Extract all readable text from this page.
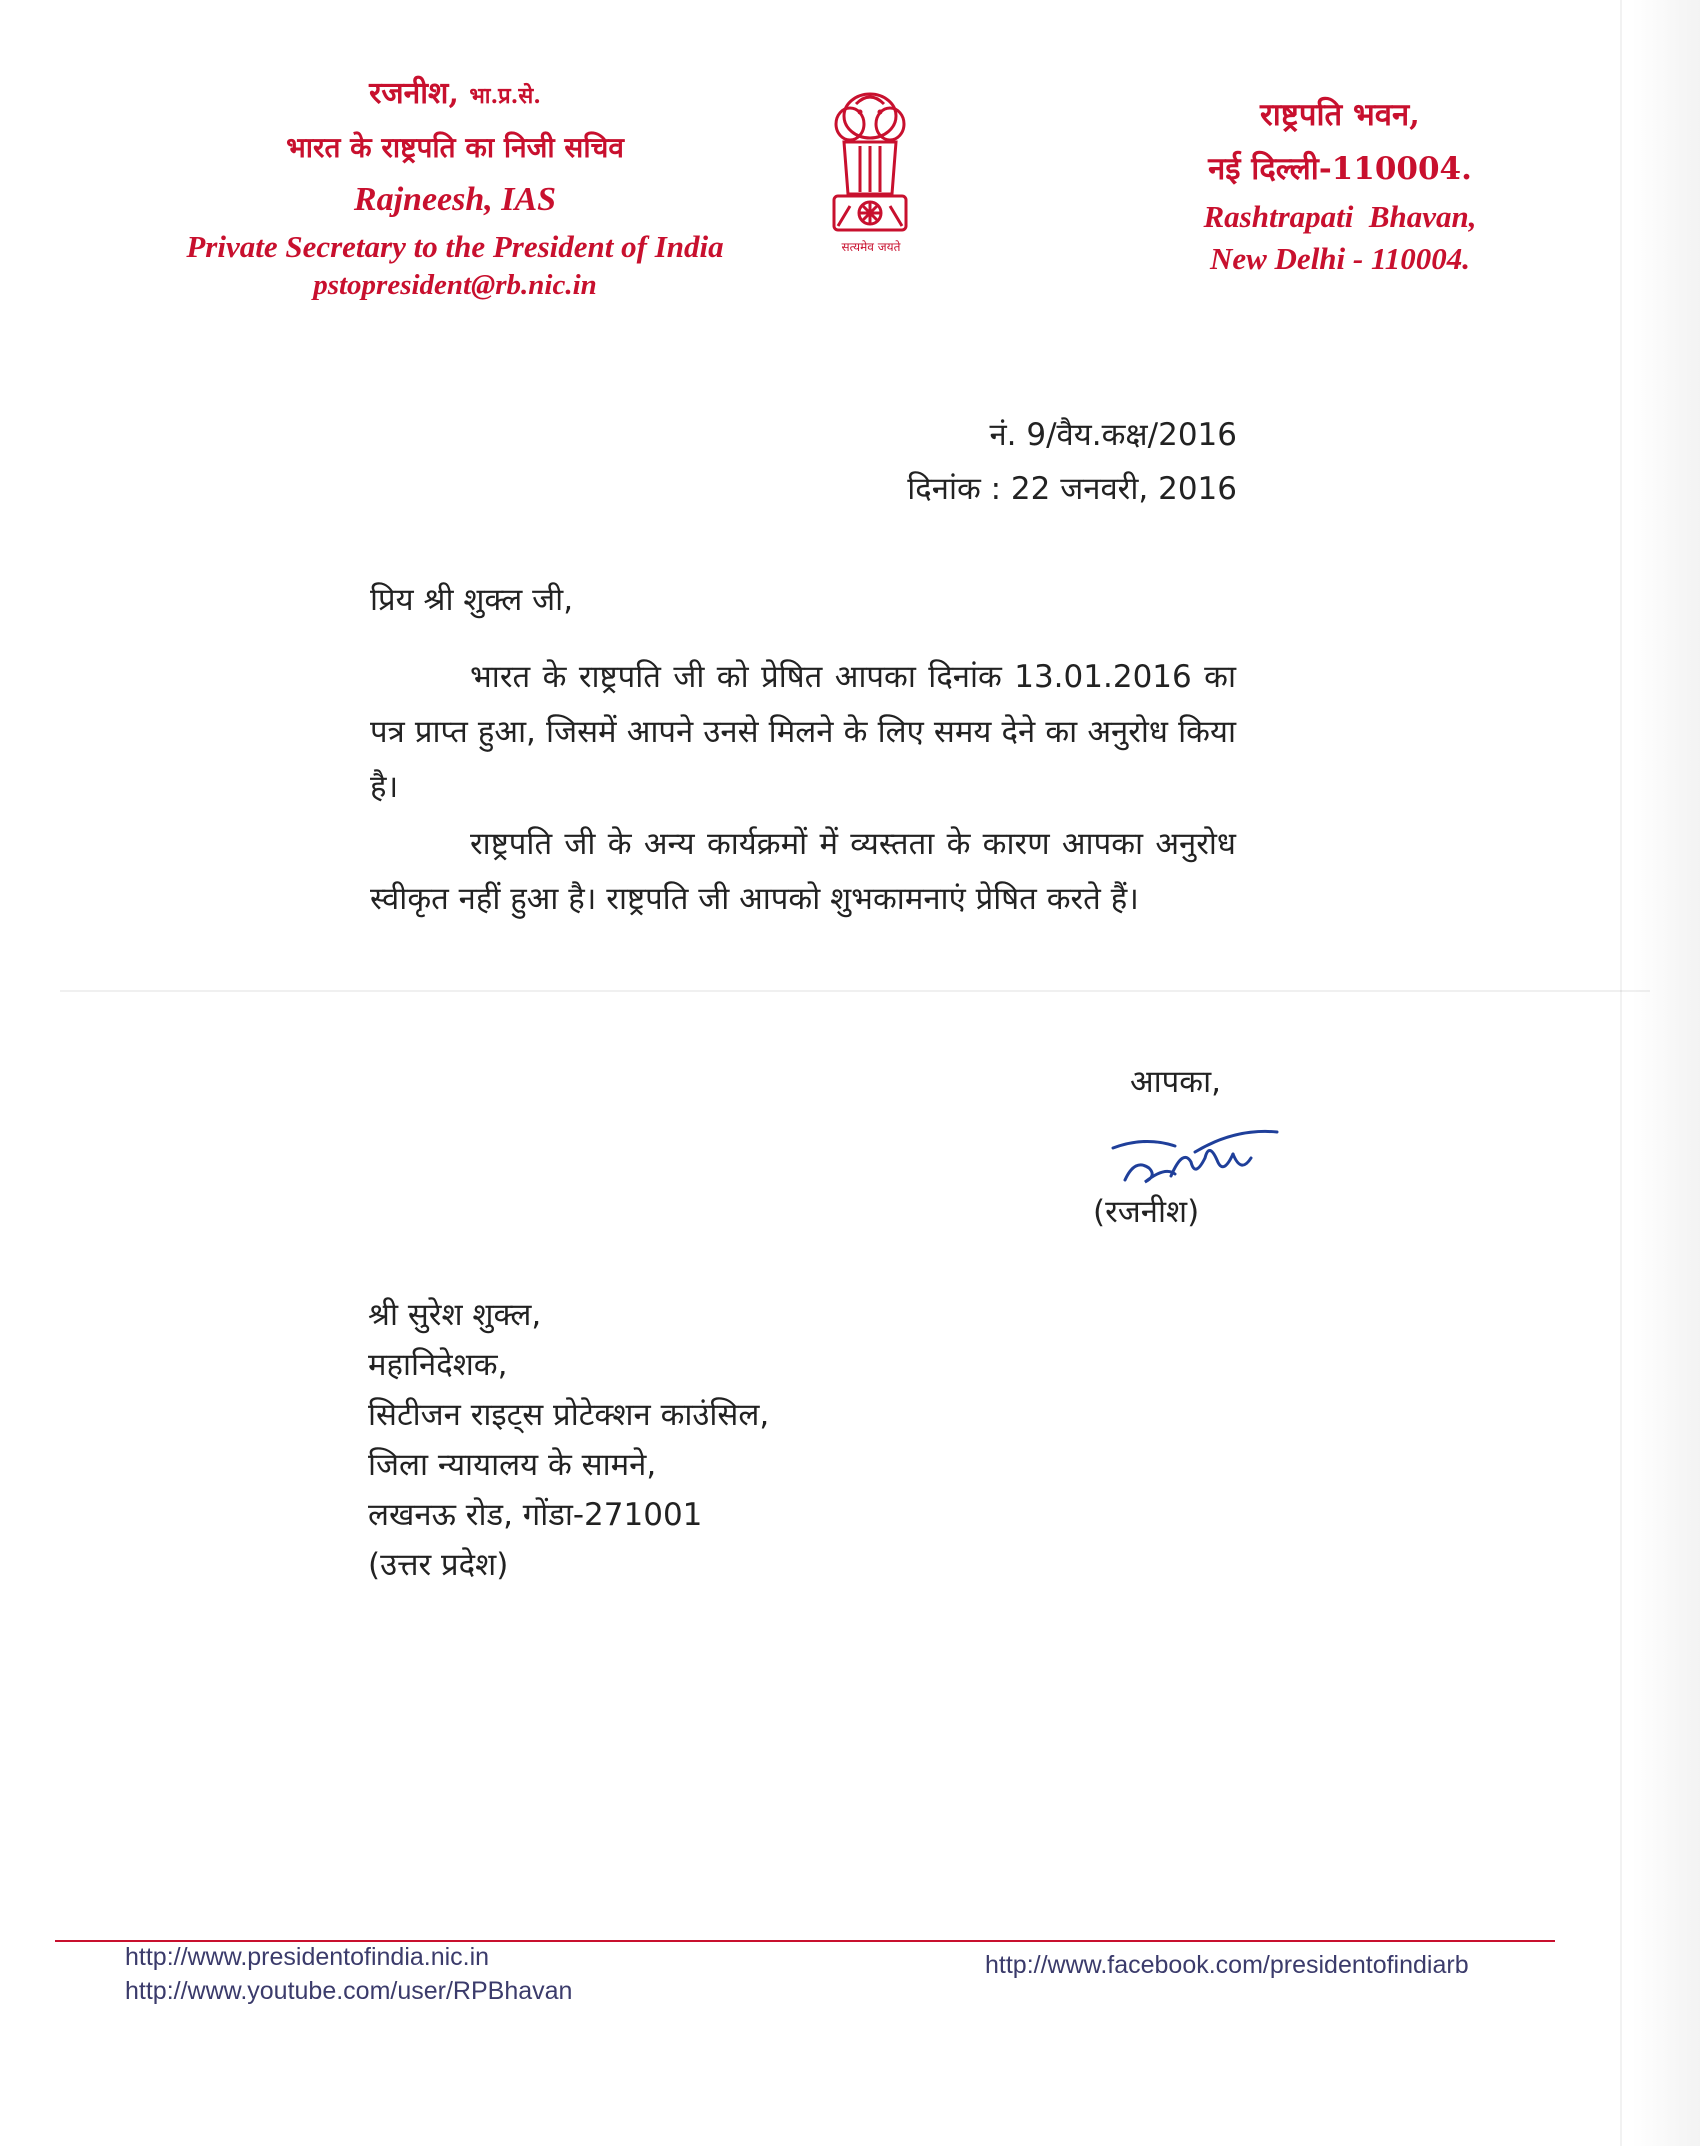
रजनीश, भा.प्र.से.
भारत के राष्ट्रपति का निजी सचिव
Rajneesh, IAS
Private Secretary to the President of India
pstopresident@rb.nic.in
सत्यमेव जयते
राष्ट्रपति भवन,
नई दिल्ली-110004.
Rashtrapati  Bhavan,
New Delhi - 110004.
नं. 9/वैय.कक्ष/2016
दिनांक : 22 जनवरी, 2016
प्रिय श्री शुक्ल जी,
भारत के राष्ट्रपति जी को प्रेषित आपका दिनांक 13.01.2016 का पत्र प्राप्त हुआ, जिसमें आपने उनसे मिलने के लिए समय देने का अनुरोध किया है।
राष्ट्रपति जी के अन्य कार्यक्रमों में व्यस्तता के कारण आपका अनुरोध स्वीकृत नहीं हुआ है। राष्ट्रपति जी आपको शुभकामनाएं प्रेषित करते हैं।
आपका,
(रजनीश)
श्री सुरेश शुक्ल,
महानिदेशक,
सिटीजन राइट्स प्रोटेक्शन काउंसिल,
जिला न्यायालय के सामने,
लखनऊ रोड, गोंडा-271001
(उत्तर प्रदेश)
http://www.presidentofindia.nic.in
http://www.youtube.com/user/RPBhavan
http://www.facebook.com/presidentofindiarb
